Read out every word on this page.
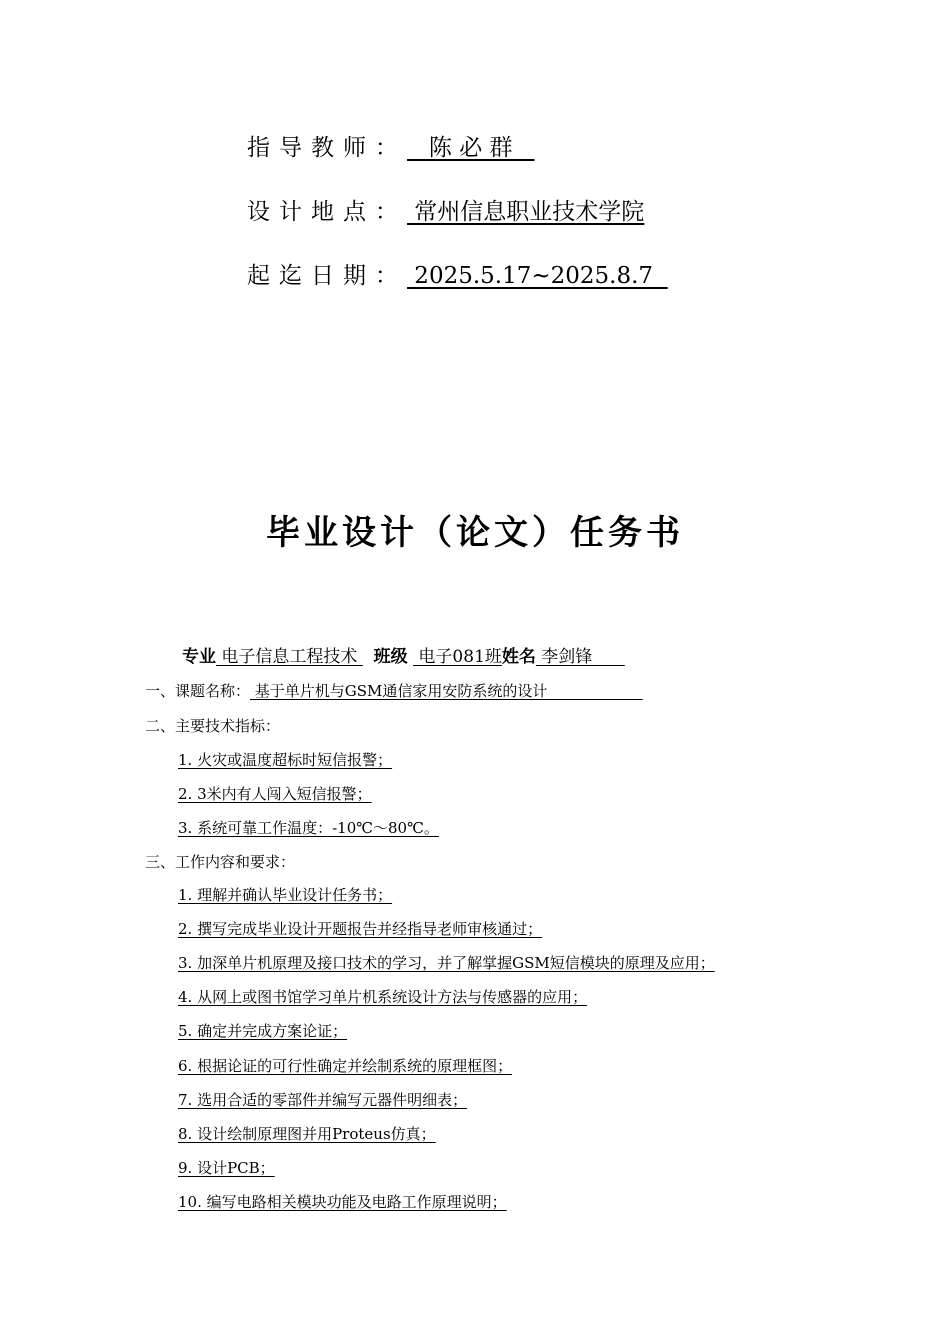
指导教师：   陈 必 群
设计地点： 常州信息职业技术学院
起迄日期： 2025.5.17~2025.8.7
毕业设计（论文）任务书
专业 电子信息工程技术   班级  电子081班姓名 李剑锋
一、课题名称： 基于单片机与GSM通信家用安防系统的设计
二、主要技术指标：
1. 火灾或温度超标时短信报警；
2. 3米内有人闯入短信报警；
3. 系统可靠工作温度：-10℃～80℃。
三、工作内容和要求：
1. 理解并确认毕业设计任务书；
2. 撰写完成毕业设计开题报告并经指导老师审核通过；
3. 加深单片机原理及接口技术的学习，并了解掌握GSM短信模块的原理及应用；
4. 从网上或图书馆学习单片机系统设计方法与传感器的应用；
5. 确定并完成方案论证；
6. 根据论证的可行性确定并绘制系统的原理框图；
7. 选用合适的零部件并编写元器件明细表；
8. 设计绘制原理图并用Proteus仿真；
9. 设计PCB；
10. 编写电路相关模块功能及电路工作原理说明；
